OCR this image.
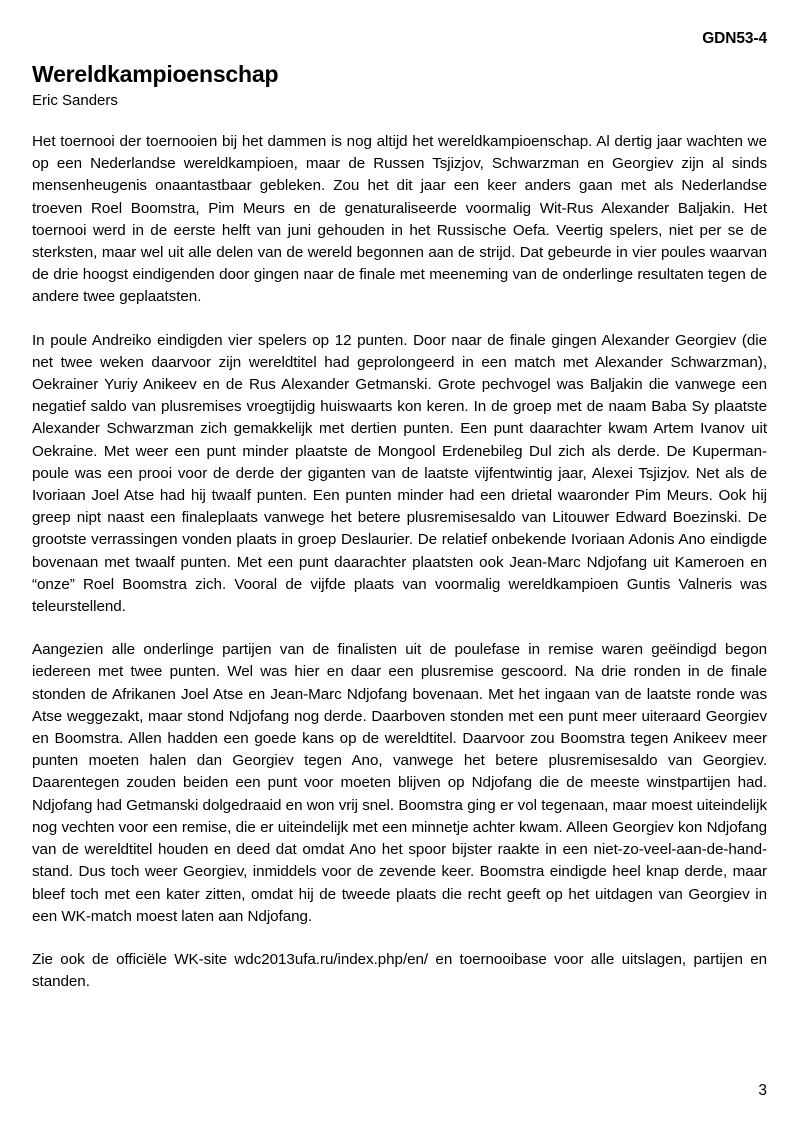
GDN53-4
Wereldkampioenschap
Eric Sanders

Het toernooi der toernooien bij het dammen is nog altijd het wereldkampioenschap. Al dertig jaar wachten we op een Nederlandse wereldkampioen, maar de Russen Tsjizjov, Schwarzman en Georgiev zijn al sinds mensenheugenis onaantastbaar gebleken. Zou het dit jaar een keer anders gaan met als Nederlandse troeven Roel Boomstra, Pim Meurs en de genaturaliseerde voormalig Wit-Rus Alexander Baljakin. Het toernooi werd in de eerste helft van juni gehouden in het Russische Oefa. Veertig spelers, niet per se de sterksten, maar wel uit alle delen van de wereld begonnen aan de strijd. Dat gebeurde in vier poules waarvan de drie hoogst eindigenden door gingen naar de finale met meeneming van de onderlinge resultaten tegen de andere twee geplaatsten.

In poule Andreiko eindigden vier spelers op 12 punten. Door naar de finale gingen Alexander Georgiev (die net twee weken daarvoor zijn wereldtitel had geprolongeerd in een match met Alexander Schwarzman), Oekrainer Yuriy Anikeev en de Rus Alexander Getmanski. Grote pechvogel was Baljakin die vanwege een negatief saldo van plusremises vroegtijdig huiswaarts kon keren. In de groep met de naam Baba Sy plaatste Alexander Schwarzman zich gemakkelijk met dertien punten. Een punt daarachter kwam Artem Ivanov uit Oekraine. Met weer een punt minder plaatste de Mongool Erdenebileg Dul zich als derde. De Kuperman-poule was een prooi voor de derde der giganten van de laatste vijfentwintig jaar, Alexei Tsjizjov. Net als de Ivoriaan Joel Atse had hij twaalf punten. Een punten minder had een drietal waaronder Pim Meurs. Ook hij greep nipt naast een finaleplaats vanwege het betere plusremisesaldo van Litouwer Edward Boezinski. De grootste verrassingen vonden plaats in groep Deslaurier. De relatief onbekende Ivoriaan Adonis Ano eindigde bovenaan met twaalf punten. Met een punt daarachter plaatsten ook Jean-Marc Ndjofang uit Kameroen en “onze” Roel Boomstra zich. Vooral de vijfde plaats van voormalig wereldkampioen Guntis Valneris was teleurstellend.

Aangezien alle onderlinge partijen van de finalisten uit de poulefase in remise waren geëindigd begon iedereen met twee punten. Wel was hier en daar een plusremise gescoord. Na drie ronden in de finale stonden de Afrikanen Joel Atse en Jean-Marc Ndjofang bovenaan. Met het ingaan van de laatste ronde was Atse weggezakt, maar stond Ndjofang nog derde. Daarboven stonden met een punt meer uiteraard Georgiev en Boomstra. Allen hadden een goede kans op de wereldtitel. Daarvoor zou Boomstra tegen Anikeev meer punten moeten halen dan Georgiev tegen Ano, vanwege het betere plusremisesaldo van Georgiev. Daarentegen zouden beiden een punt voor moeten blijven op Ndjofang die de meeste winstpartijen had. Ndjofang had Getmanski dolgedraaid en won vrij snel. Boomstra ging er vol tegenaan, maar moest uiteindelijk nog vechten voor een remise, die er uiteindelijk met een minnetje achter kwam. Alleen Georgiev kon Ndjofang van de wereldtitel houden en deed dat omdat Ano het spoor bijster raakte in een niet-zo-veel-aan-de-hand-stand. Dus toch weer Georgiev, inmiddels voor de zevende keer. Boomstra eindigde heel knap derde, maar bleef toch met een kater zitten, omdat hij de tweede plaats die recht geeft op het uitdagen van Georgiev in een WK-match moest laten aan Ndjofang.

Zie ook de officiële WK-site wdc2013ufa.ru/index.php/en/ en toernooibase voor alle uitslagen, partijen en standen.

3
